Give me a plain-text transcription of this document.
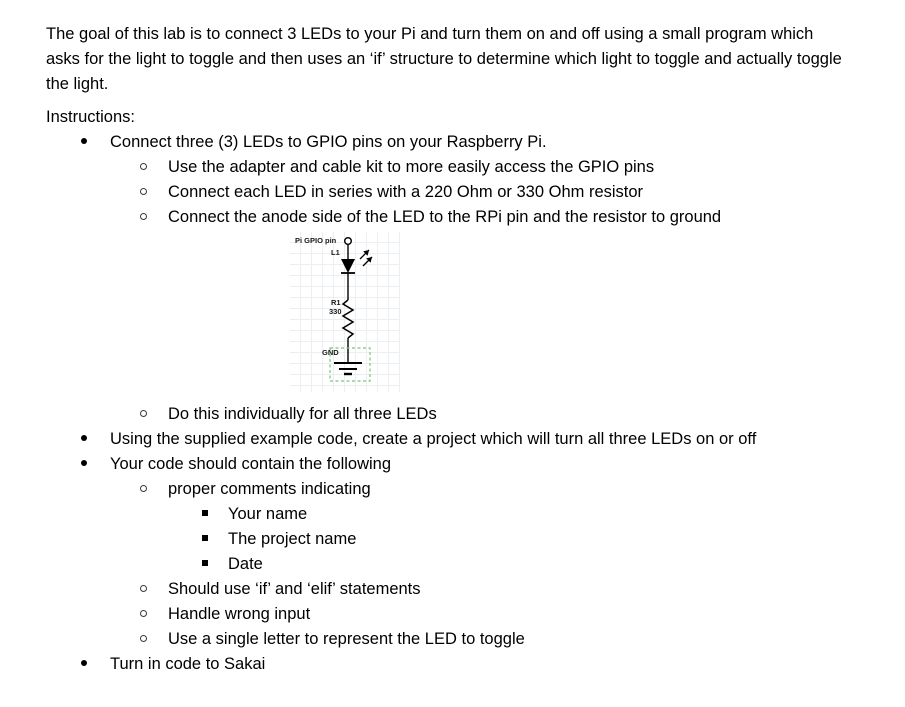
The goal of this lab is to connect 3 LEDs to your Pi and turn them on and off using a small program which asks for the light to toggle and then uses an ‘if’ structure to determine which light to toggle and actually toggle the light.

Instructions:
Connect three (3) LEDs to GPIO pins on your Raspberry Pi.
Use the adapter and cable kit to more easily access the GPIO pins
Connect each LED in series with a 220 Ohm or 330 Ohm resistor
Connect the anode side of the LED to the RPi pin and the resistor to ground
Pi GPIO pin
L1
R1
330
GND
Do this individually for all three LEDs
Using the supplied example code, create a project which will turn all three LEDs on or off
Your code should contain the following
proper comments indicating
Your name
The project name
Date
Should use ‘if’ and ‘elif’ statements
Handle wrong input
Use a single letter to represent the LED to toggle
Turn in code to Sakai
